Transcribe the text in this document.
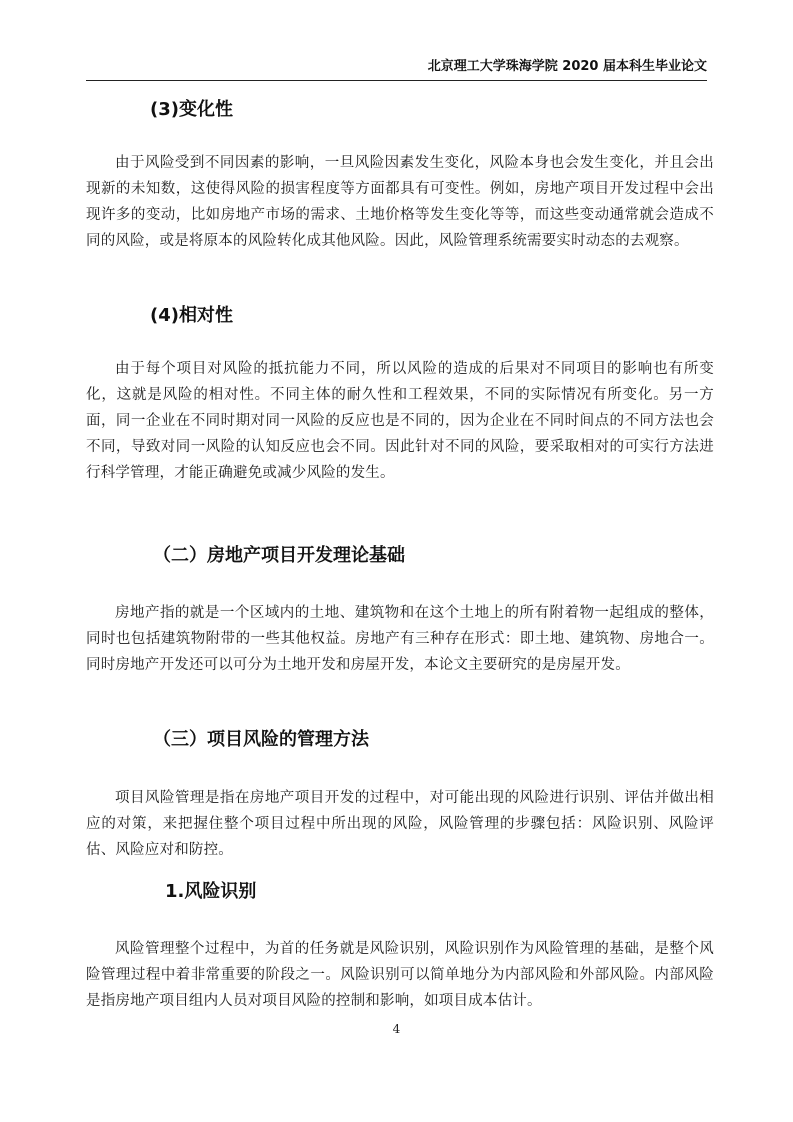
北京理工大学珠海学院 2020 届本科生毕业论文
(3)变化性

由于风险受到不同因素的影响，一旦风险因素发生变化，风险本身也会发生变化，并且会出现新的未知数，这使得风险的损害程度等方面都具有可变性。例如，房地产项目开发过程中会出现许多的变动，比如房地产市场的需求、土地价格等发生变化等等，而这些变动通常就会造成不同的风险，或是将原本的风险转化成其他风险。因此，风险管理系统需要实时动态的去观察。

(4)相对性

由于每个项目对风险的抵抗能力不同，所以风险的造成的后果对不同项目的影响也有所变化，这就是风险的相对性。不同主体的耐久性和工程效果，不同的实际情况有所变化。另一方面，同一企业在不同时期对同一风险的反应也是不同的，因为企业在不同时间点的不同方法也会不同，导致对同一风险的认知反应也会不同。因此针对不同的风险，要采取相对的可实行方法进行科学管理，才能正确避免或减少风险的发生。

（二）房地产项目开发理论基础

房地产指的就是一个区域内的土地、建筑物和在这个土地上的所有附着物一起组成的整体，同时也包括建筑物附带的一些其他权益。房地产有三种存在形式：即土地、建筑物、房地合一。同时房地产开发还可以可分为土地开发和房屋开发，本论文主要研究的是房屋开发。

（三）项目风险的管理方法

项目风险管理是指在房地产项目开发的过程中，对可能出现的风险进行识别、评估并做出相应的对策，来把握住整个项目过程中所出现的风险，风险管理的步骤包括：风险识别、风险评估、风险应对和防控。

1.风险识别

风险管理整个过程中，为首的任务就是风险识别，风险识别作为风险管理的基础，是整个风险管理过程中着非常重要的阶段之一。风险识别可以简单地分为内部风险和外部风险。内部风险是指房地产项目组内人员对项目风险的控制和影响，如项目成本估计。

4
